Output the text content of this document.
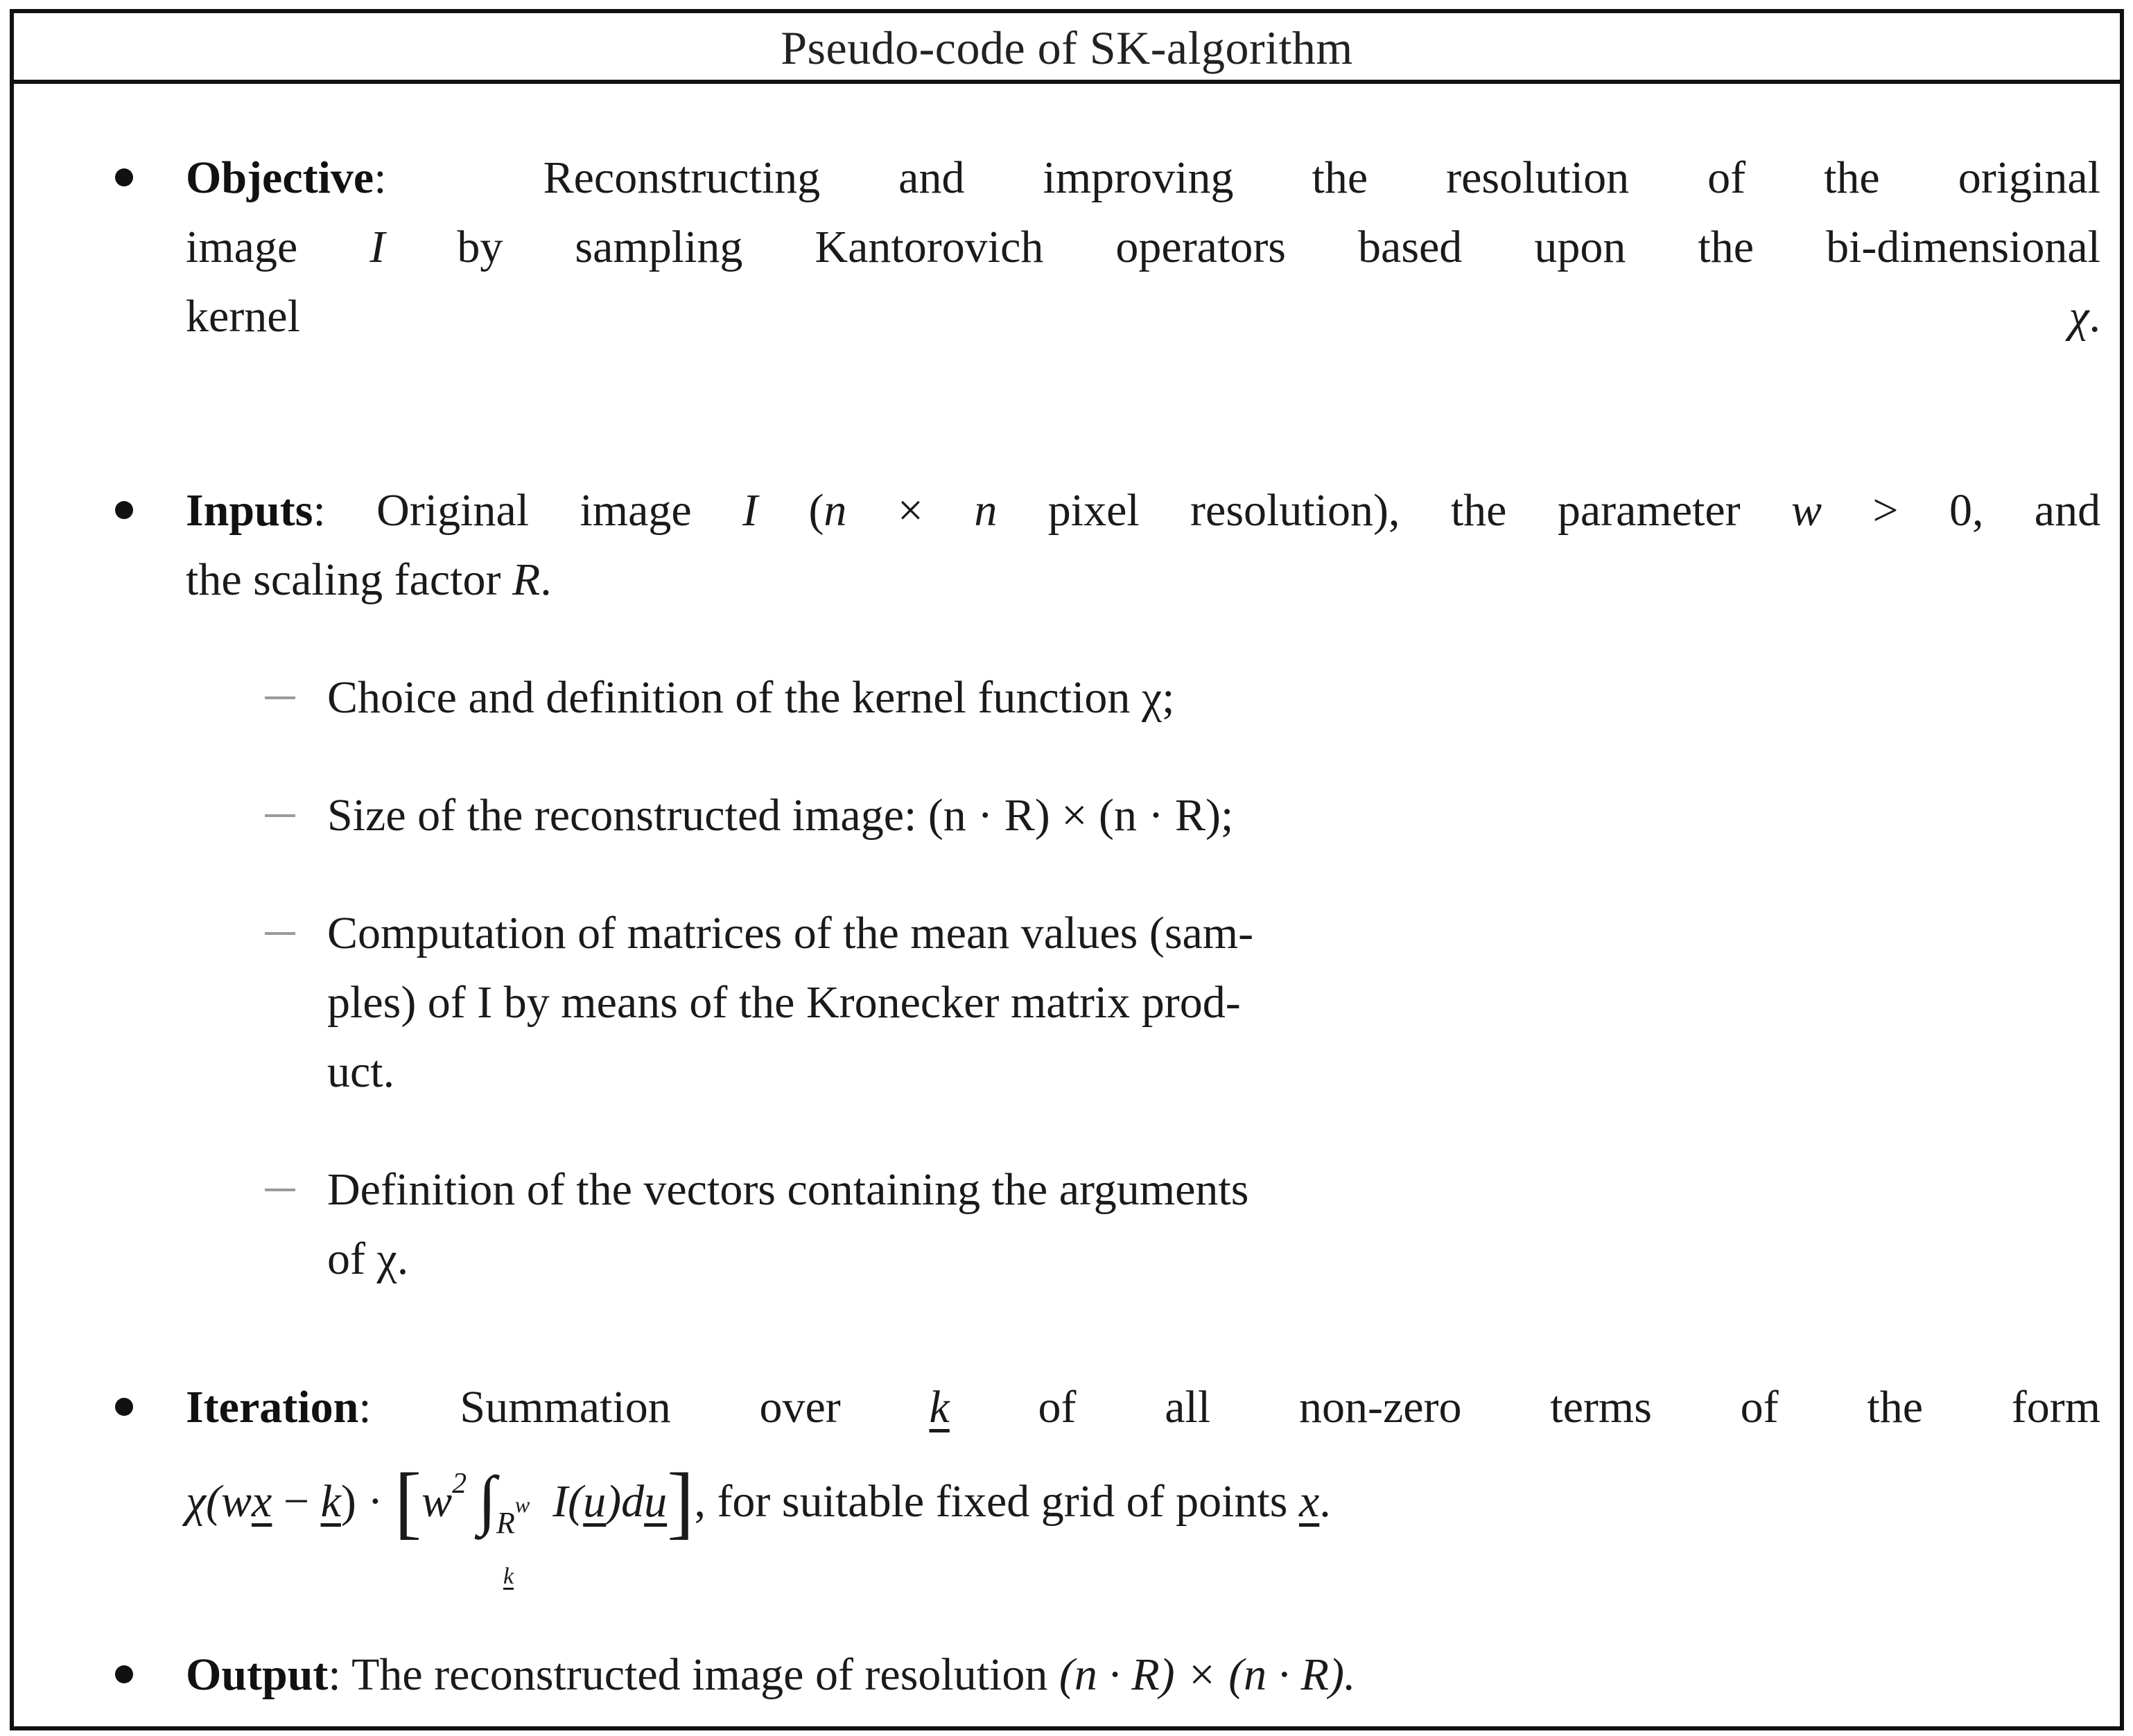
Pseudo-code of SK-algorithm
Objective:	Reconstructing and improving the resolution of the original
image I by sampling Kantorovich operators based upon the bi-dimensional
kernel	χ.
Inputs: Original image I (n × n pixel resolution), the parameter w > 0, and
the scaling factor R.
Choice and definition of the kernel function χ;
Size of the reconstructed image: (n · R) × (n · R);
Computation of matrices of the mean values (sam-
ples) of I by means of the Kronecker matrix prod-
uct.
Definition of the vectors containing the arguments
of χ.
Iteration: Summation over k of all non-zero terms of the form
$\chi(wx - k) \cdot [w^2$ $\int_{R^w k}$
I(u)du], for suitable fixed grid of points x.
Output: The reconstructed image of resolution (n · R) × (n · R).
